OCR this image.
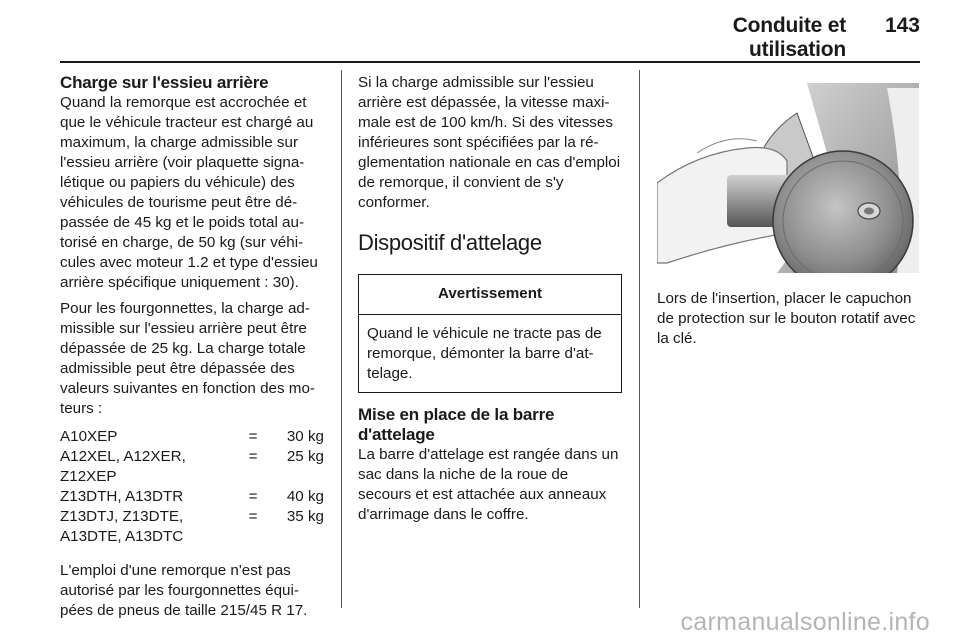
Conduite et utilisation
143
Charge sur l'essieu arrière

Quand la remorque est accrochée et que le véhicule tracteur est chargé au maximum, la charge admissible sur l'essieu arrière (voir plaquette signalétique ou papiers du véhicule) des véhicules de tourisme peut être dépassée de 45 kg et le poids total autorisé en charge, de 50 kg (sur véhicules avec moteur 1.2 et type d'essieu arrière spécifique uniquement : 30).

Pour les fourgonnettes, la charge admissible sur l'essieu arrière peut être dépassée de 25 kg. La charge totale admissible peut être dépassée des valeurs suivantes en fonction des moteurs :

A10XEP	=	30 kg
A12XEL, A12XER, Z12XEP	=	25 kg
Z13DTH, A13DTR	=	40 kg
Z13DTJ, Z13DTE, A13DTE, A13DTC	=	35 kg

L'emploi d'une remorque n'est pas autorisé par les fourgonnettes équipées de pneus de taille 215/45 R 17.

Si la charge admissible sur l'essieu arrière est dépassée, la vitesse maximale est de 100 km/h. Si des vitesses inférieures sont spécifiées par la réglementation nationale en cas d'emploi de remorque, il convient de s'y conformer.

Dispositif d'attelage
Avertissement
Quand le véhicule ne tracte pas de remorque, démonter la barre d'attelage.
Mise en place de la barre d'attelage

La barre d'attelage est rangée dans un sac dans la niche de la roue de secours et est attachée aux anneaux d'arrimage dans le coffre.

Lors de l'insertion, placer le capuchon de protection sur le bouton rotatif avec la clé.

carmanualsonline.info
